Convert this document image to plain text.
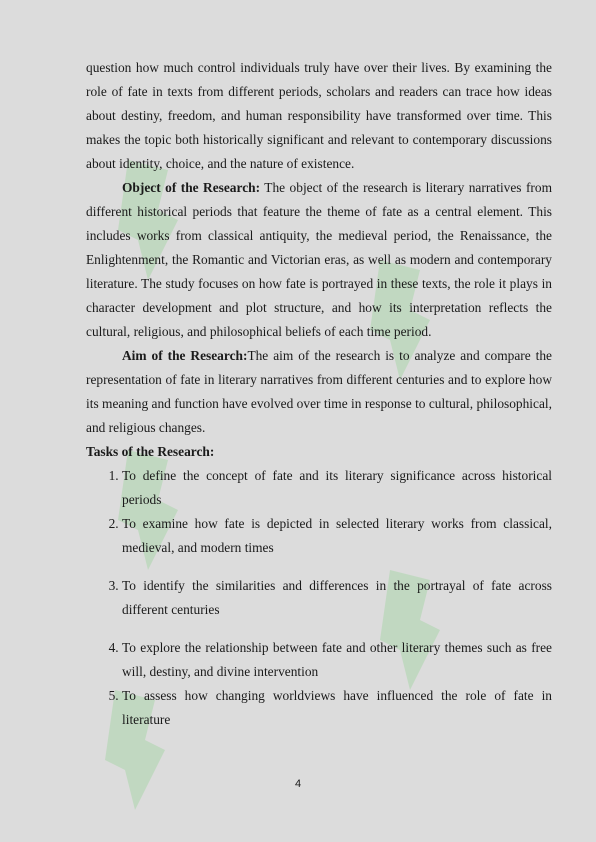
question how much control individuals truly have over their lives. By examining the role of fate in texts from different periods, scholars and readers can trace how ideas about destiny, freedom, and human responsibility have transformed over time. This makes the topic both historically significant and relevant to contemporary discussions about identity, choice, and the nature of existence.

Object of the Research: The object of the research is literary narratives from different historical periods that feature the theme of fate as a central element. This includes works from classical antiquity, the medieval period, the Renaissance, the Enlightenment, the Romantic and Victorian eras, as well as modern and contemporary literature. The study focuses on how fate is portrayed in these texts, the role it plays in character development and plot structure, and how its interpretation reflects the cultural, religious, and philosophical beliefs of each time period.

Aim of the Research:The aim of the research is to analyze and compare the representation of fate in literary narratives from different centuries and to explore how its meaning and function have evolved over time in response to cultural, philosophical, and religious changes.

Tasks of the Research:

1. To define the concept of fate and its literary significance across historical periods
2. To examine how fate is depicted in selected literary works from classical, medieval, and modern times
3. To identify the similarities and differences in the portrayal of fate across different centuries
4. To explore the relationship between fate and other literary themes such as free will, destiny, and divine intervention
5. To assess how changing worldviews have influenced the role of fate in literature
4
